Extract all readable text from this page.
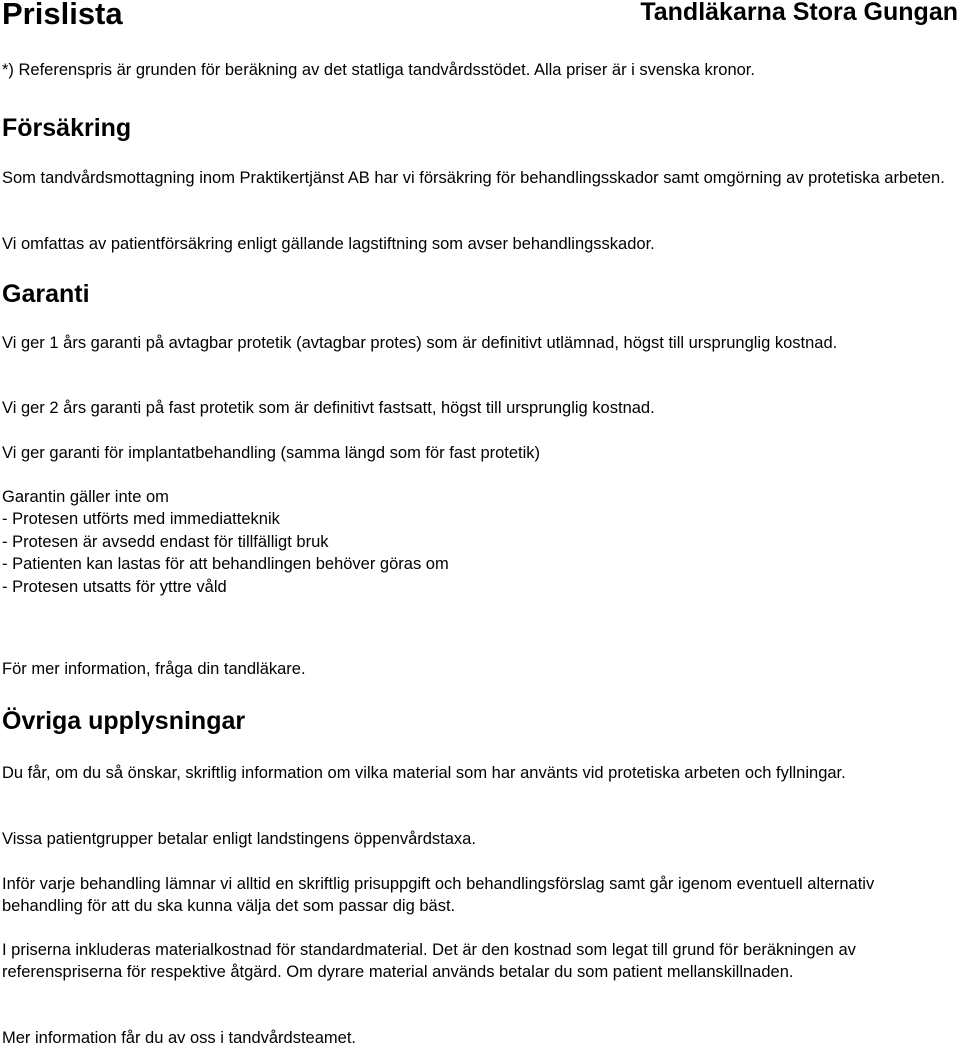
Prislista	Tandläkarna Stora Gungan

*) Referenspris är grunden för beräkning av det statliga tandvårdsstödet. Alla priser är i svenska kronor.

Försäkring

Som tandvårdsmottagning inom Praktikertjänst AB har vi försäkring för behandlingsskador samt omgörning av protetiska arbeten.

Vi omfattas av patientförsäkring enligt gällande lagstiftning som avser behandlingsskador.

Garanti

Vi ger 1 års garanti på avtagbar protetik (avtagbar protes) som är definitivt utlämnad, högst till ursprunglig kostnad.

Vi ger 2 års garanti på fast protetik som är definitivt fastsatt, högst till ursprunglig kostnad.

Vi ger garanti för implantatbehandling (samma längd som för fast protetik)

Garantin gäller inte om

- Protesen utförts med immediatteknik
- Protesen är avsedd endast för tillfälligt bruk
- Patienten kan lastas för att behandlingen behöver göras om
- Protesen utsatts för yttre våld

För mer information, fråga din tandläkare.

Övriga upplysningar

Du får, om du så önskar, skriftlig information om vilka material som har använts vid protetiska arbeten och fyllningar.

Vissa patientgrupper betalar enligt landstingens öppenvårdstaxa.

Inför varje behandling lämnar vi alltid en skriftlig prisuppgift och behandlingsförslag samt går igenom eventuell alternativ behandling för att du ska kunna välja det som passar dig bäst.

I priserna inkluderas materialkostnad för standardmaterial. Det är den kostnad som legat till grund för beräkningen av referenspriserna för respektive åtgärd. Om dyrare material används betalar du som patient mellanskillnaden.

Mer information får du av oss i tandvårdsteamet.
